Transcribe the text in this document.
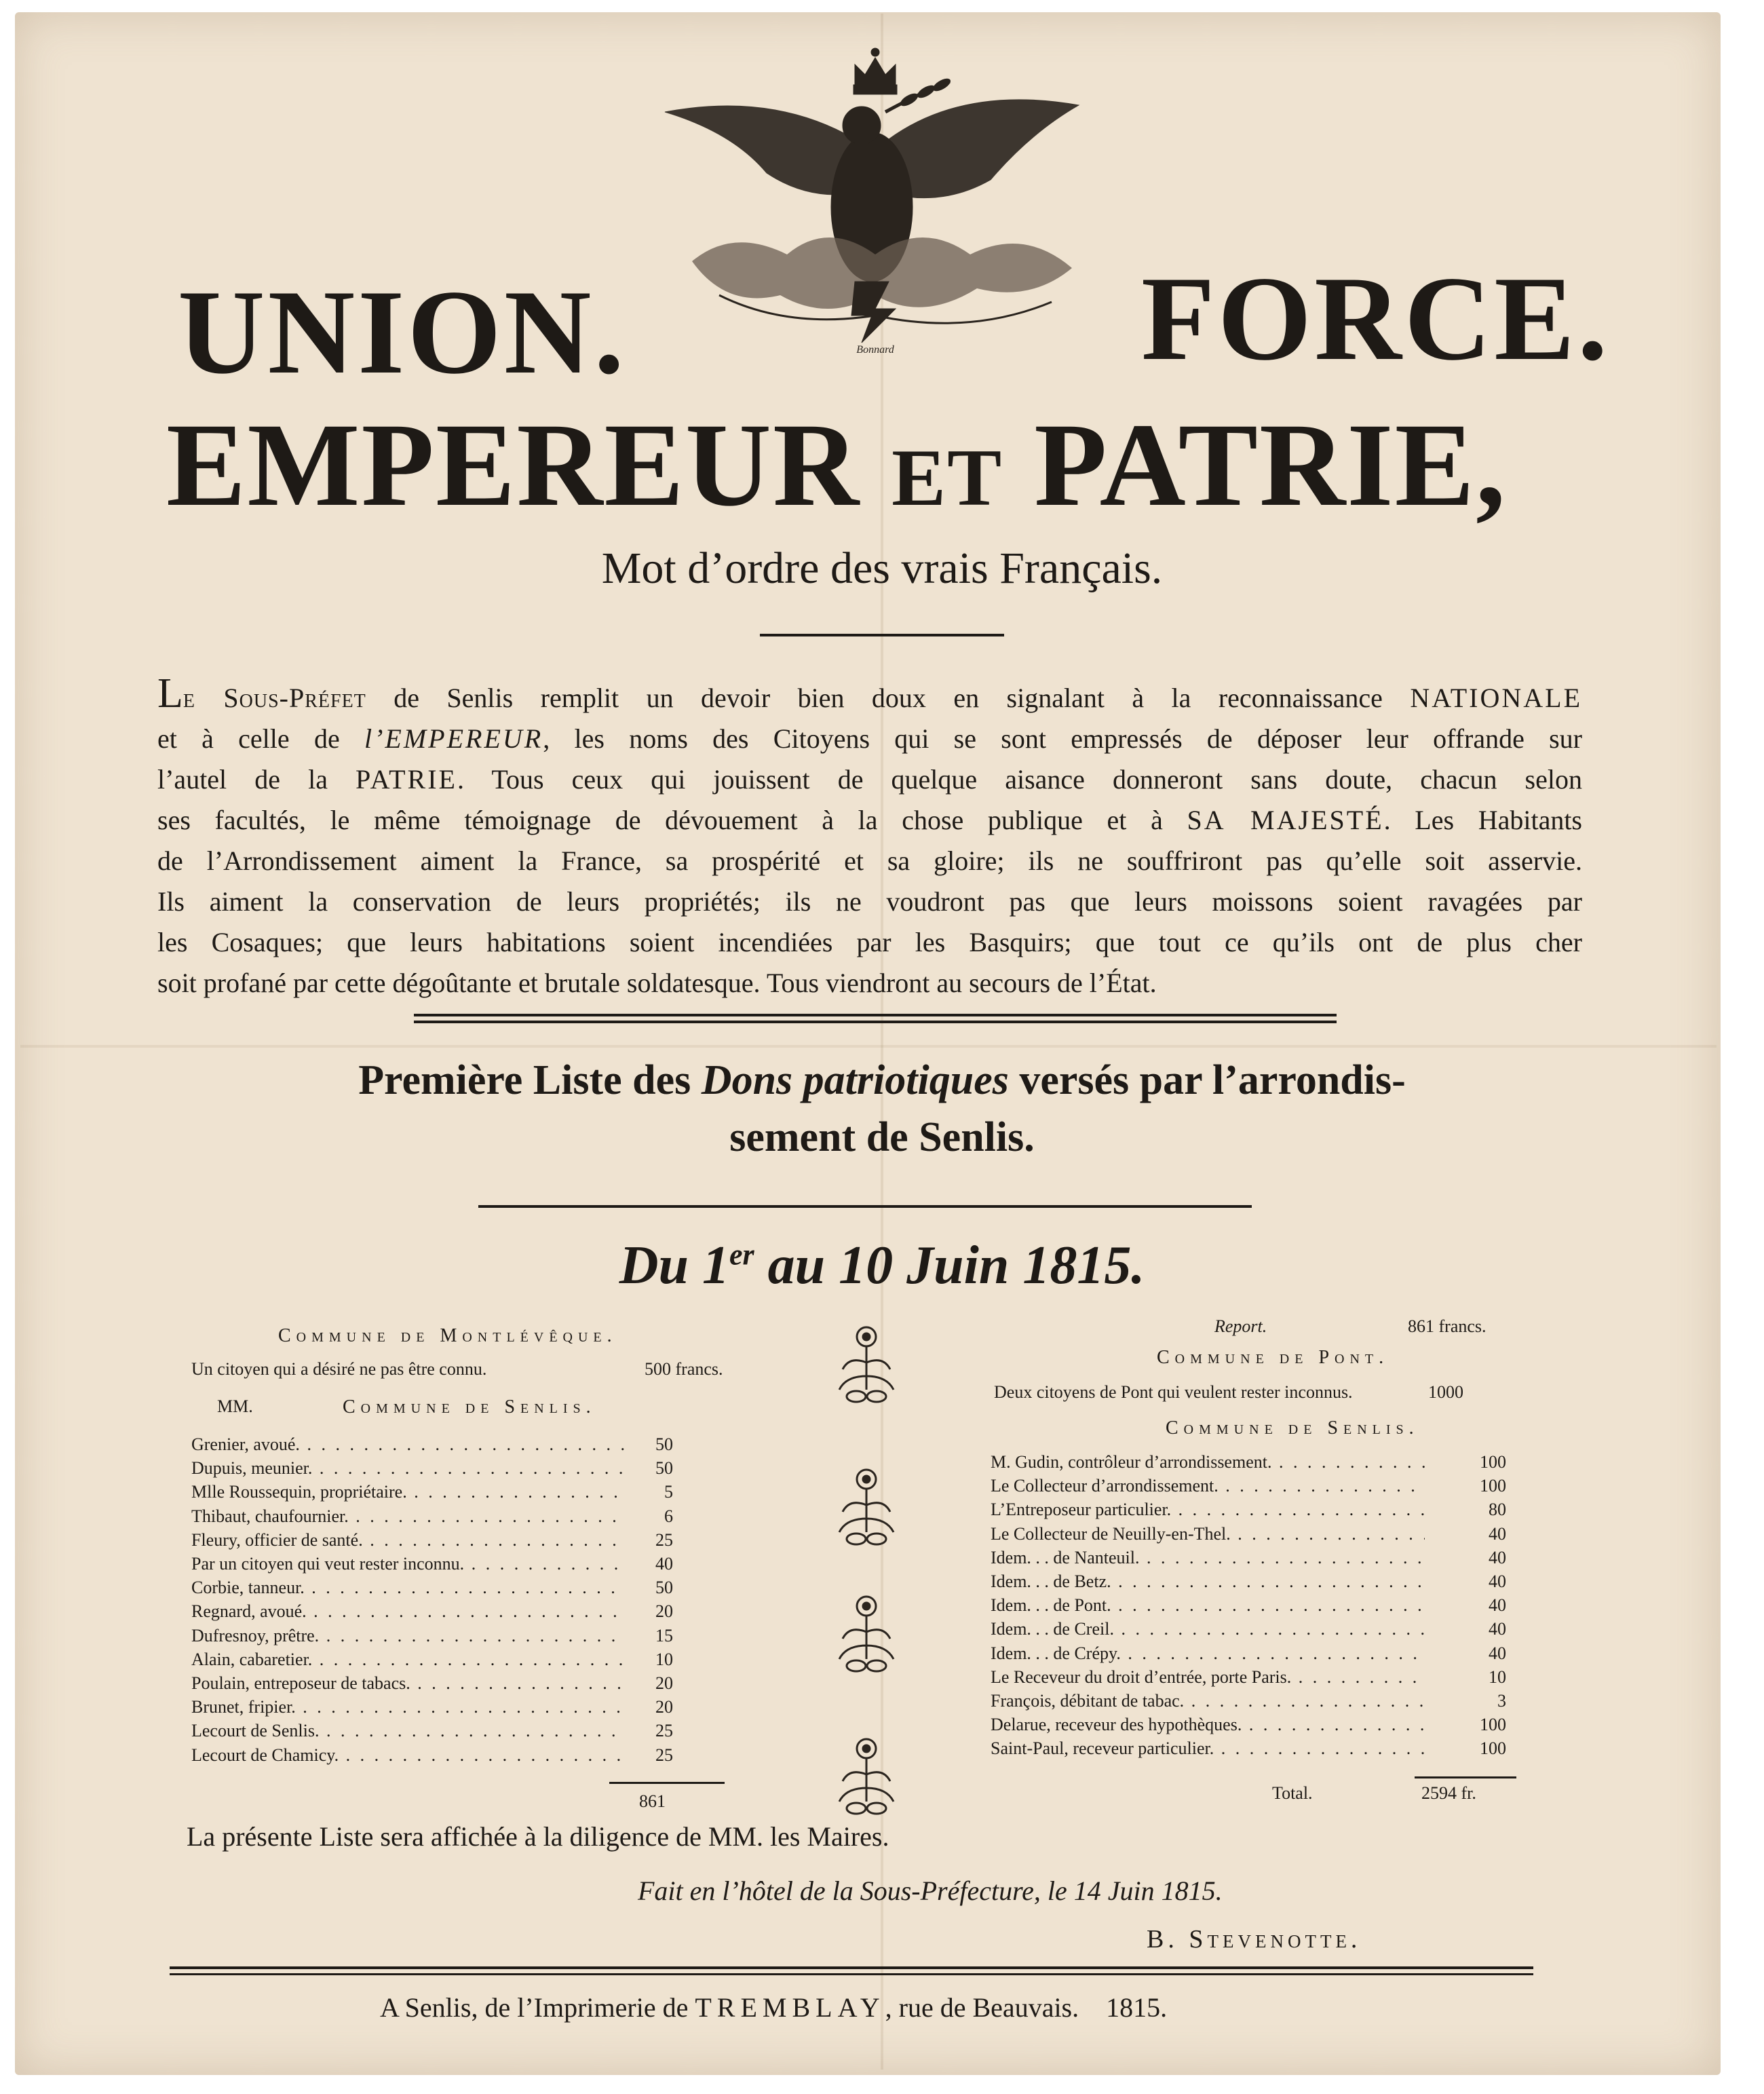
Bonnard
UNION.	FORCE.
EMPEREUR ET PATRIE,
Mot d’ordre des vrais Français.

Le Sous-Préfet de Senlis remplit un devoir bien doux en signalant à la reconnaissance NATIONALE

et à celle de l’EMPEREUR, les noms des Citoyens qui se sont empressés de déposer leur offrande sur

l’autel de la PATRIE. Tous ceux qui jouissent de quelque aisance donneront sans doute, chacun selon

ses facultés, le même témoignage de dévouement à la chose publique et à SA MAJESTÉ. Les Habitants

de l’Arrondissement aiment la France, sa prospérité et sa gloire; ils ne souffriront pas qu’elle soit asservie.

Ils aiment la conservation de leurs propriétés; ils ne voudront pas que leurs moissons soient ravagées par

les Cosaques; que leurs habitations soient incendiées par les Basquirs; que tout ce qu’ils ont de plus cher

soit profané par cette dégoûtante et brutale soldatesque. Tous viendront au secours de l’État.

Première Liste des Dons patriotiques versés par l’arrondis-
sement de Senlis.
Du 1er au 10 Juin 1815.
Commune de Montlévêque.
Un citoyen qui a désiré ne pas être connu.	500 francs.
MM.	Commune de Senlis.
Grenier, avoué. . . .	50
Dupuis, meunier. . . .	50
Mlle Roussequin, propriétaire. . . .	5
Thibaut, chaufournier. . . .	6
Fleury, officier de santé. . . .	25
Par un citoyen qui veut rester inconnu. . . .	40
Corbie, tanneur. . . .	50
Regnard, avoué. . . .	20
Dufresnoy, prêtre. . . .	15
Alain, cabaretier. . . .	10
Poulain, entreposeur de tabacs. . . .	20
Brunet, fripier. . . .	20
Lecourt de Senlis. . . .	25
Lecourt de Chamicy. . . .	25
861
Report.	861 francs.
Commune de Pont.
Deux citoyens de Pont qui veulent rester inconnus.	1000
Commune de Senlis.
M. Gudin, contrôleur d’arrondissement. . . .	100
Le Collecteur d’arrondissement. . . .	100
L’Entreposeur particulier. . . .	80
Le Collecteur de Neuilly-en-Thel. . . .	40
Idem. . . de Nanteuil. . . .	40
Idem. . . de Betz. . . .	40
Idem. . . de Pont. . . .	40
Idem. . . de Creil. . . .	40
Idem. . . de Crépy. . . .	40
Le Receveur du droit d’entrée, porte Paris. . . .	10
François, débitant de tabac. . . .	3
Delarue, receveur des hypothèques. . . .	100
Saint-Paul, receveur particulier. . . .	100
Total.	2594 fr.
La présente Liste sera affichée à la diligence de MM. les Maires.
Fait en l’hôtel de la Sous-Préfecture, le 14 Juin 1815.
B. Stevenotte.
A Senlis, de l’Imprimerie de TREMBLAY, rue de Beauvais. 1815.
